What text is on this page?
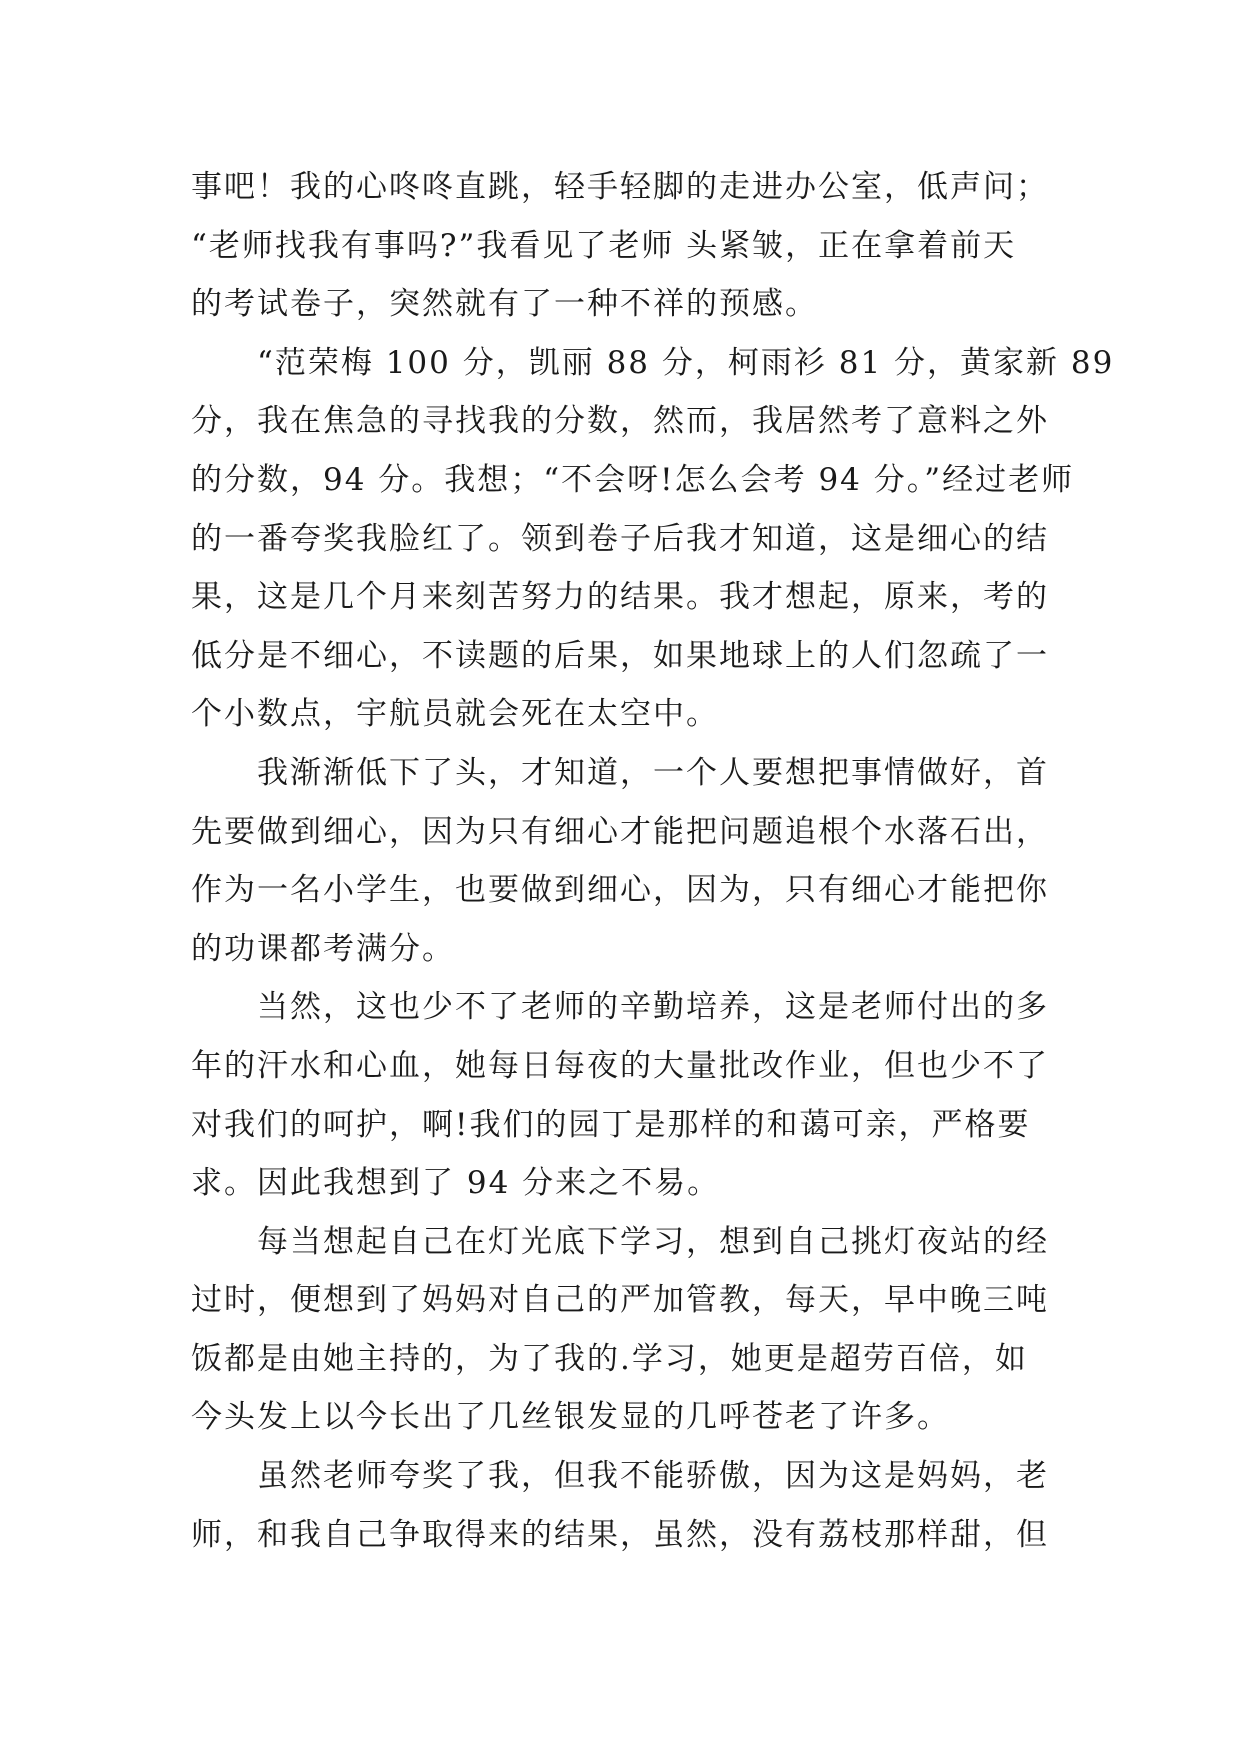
事吧！我的心咚咚直跳，轻手轻脚的走进办公室，低声问；
“老师找我有事吗?”我看见了老师 头紧皱，正在拿着前天
的考试卷子，突然就有了一种不祥的预感。
“范荣梅 100 分，凯丽 88 分，柯雨衫 81 分，黄家新 89
分，我在焦急的寻找我的分数，然而，我居然考了意料之外
的分数，94 分。我想；“不会呀!怎么会考 94 分。”经过老师
的一番夸奖我脸红了。领到卷子后我才知道，这是细心的结
果，这是几个月来刻苦努力的结果。我才想起，原来，考的
低分是不细心，不读题的后果，如果地球上的人们忽疏了一
个小数点，宇航员就会死在太空中。
我渐渐低下了头，才知道，一个人要想把事情做好，首
先要做到细心，因为只有细心才能把问题追根个水落石出，
作为一名小学生，也要做到细心，因为，只有细心才能把你
的功课都考满分。
当然，这也少不了老师的辛勤培养，这是老师付出的多
年的汗水和心血，她每日每夜的大量批改作业，但也少不了
对我们的呵护，啊!我们的园丁是那样的和蔼可亲，严格要
求。因此我想到了 94 分来之不易。
每当想起自己在灯光底下学习，想到自己挑灯夜站的经
过时，便想到了妈妈对自己的严加管教，每天，早中晚三吨
饭都是由她主持的，为了我的.学习，她更是超劳百倍，如
今头发上以今长出了几丝银发显的几呼苍老了许多。
虽然老师夸奖了我，但我不能骄傲，因为这是妈妈，老
师，和我自己争取得来的结果，虽然，没有荔枝那样甜，但
